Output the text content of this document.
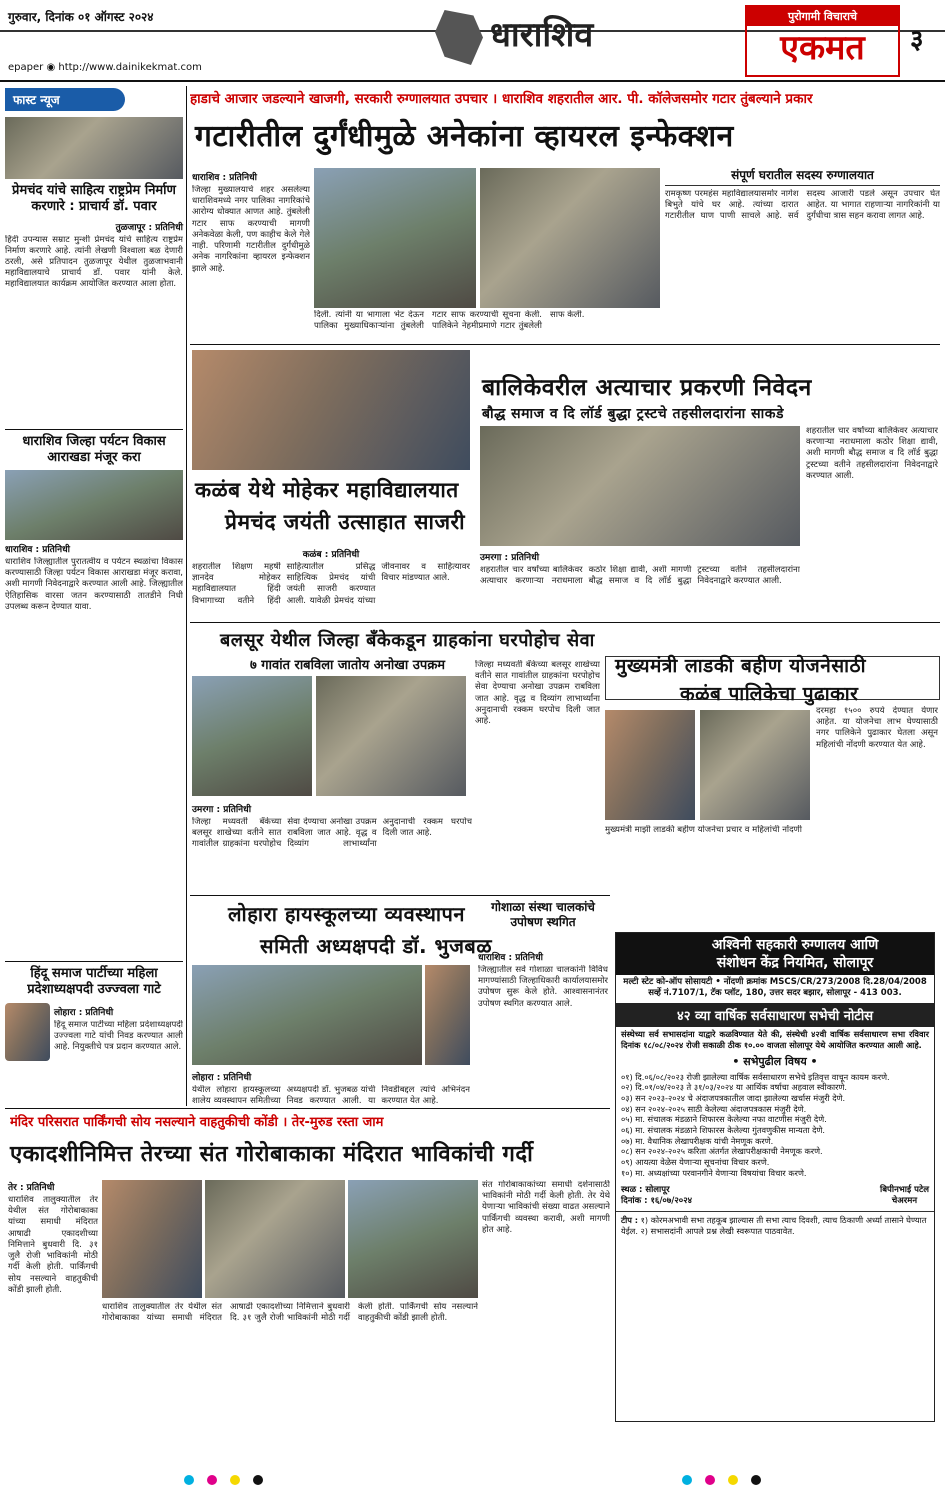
गुरुवार, दिनांक ०१ ऑगस्ट २०२४
epaper ◉ http://www.dainikekmat.com
धाराशिव	पुरोगामी विचाराचे
एकमत	३
फास्ट न्यूज
प्रेमचंद यांचे साहित्य राष्ट्रप्रेम निर्माण करणारे : प्राचार्य डॉ. पवार
तुळजापूर : प्रतिनिधी
हिंदी उपन्यास सम्राट मुन्शी प्रेमचंद यांचे साहित्य राष्ट्रप्रेम निर्माण करणारे आहे. त्यांनी लेखणी विश्वाला बळ देणारी ठरली, असे प्रतिपादन तुळजापूर येथील तुळजाभवानी महाविद्यालयाचे प्राचार्य डॉ. पवार यांनी केले. महाविद्यालयात कार्यक्रम आयोजित करण्यात आला होता.
धाराशिव जिल्हा पर्यटन विकास आराखडा मंजूर करा
धाराशिव : प्रतिनिधी
धाराशिव जिल्ह्यातील पुरातत्वीय व पर्यटन स्थळांचा विकास करण्यासाठी जिल्हा पर्यटन विकास आराखडा मंजूर करावा, अशी मागणी निवेदनाद्वारे करण्यात आली आहे. जिल्ह्यातील ऐतिहासिक वारसा जतन करण्यासाठी तातडीने निधी उपलब्ध करून देण्यात यावा.
हिंदू समाज पार्टीच्या महिला प्रदेशाध्यक्षपदी उज्ज्वला गाटे
लोहारा : प्रतिनिधी
हिंदू समाज पार्टीच्या महिला प्रदेशाध्यक्षपदी उज्ज्वला गाटे यांची निवड करण्यात आली आहे. नियुक्तीचे पत्र प्रदान करण्यात आले.
हाडाचे आजार जडल्याने खाजगी, सरकारी रुग्णालयात उपचार । धाराशिव शहरातील आर. पी. कॉलेजसमोर गटार तुंबल्याने प्रकार
गटारीतील दुर्गंधीमुळे अनेकांना व्हायरल इन्फेक्शन
धाराशिव : प्रतिनिधी
जिल्हा मुख्यालयाचे शहर असलेल्या धाराशिवमध्ये नगर पालिका नागरिकांचे आरोग्य धोक्यात आणत आहे. तुंबलेली गटार साफ करण्याची मागणी अनेकवेळा केली, पण काहीच केले गेले नाही. परिणामी गटारीतील दुर्गंधीमुळे अनेक नागरिकांना व्हायरल इन्फेक्शन झाले आहे.
दिली. त्यांनी या भागाला भेट देऊन पालिका मुख्याधिकाऱ्यांना तुंबलेली गटार साफ करण्याची सूचना केली. पालिकेने नेहमीप्रमाणे गटार तुंबलेली साफ केली.
संपूर्ण घरातील सदस्य रुग्णालयात
रामकृष्ण परमहंस महाविद्यालयासमोर नागेश बिभुते यांचे घर आहे. त्यांच्या दारात गटारीतील घाण पाणी साचले आहे. सर्व सदस्य आजारी पडले असून उपचार घेत आहेत. या भागात राहणाऱ्या नागरिकांनी या दुर्गंधीचा त्रास सहन करावा लागत आहे.
कळंब येथे मोहेकर महाविद्यालयात
प्रेमचंद जयंती उत्साहात साजरी
कळंब : प्रतिनिधी
शहरातील शिक्षण महर्षी ज्ञानदेव मोहेकर महाविद्यालयात हिंदी विभागाच्या वतीने हिंदी साहित्यातील प्रसिद्ध साहित्यिक प्रेमचंद यांची जयंती साजरी करण्यात आली. यावेळी प्रेमचंद यांच्या जीवनावर व साहित्यावर विचार मांडण्यात आले.
बालिकेवरील अत्याचार प्रकरणी निवेदन
बौद्ध समाज व दि लॉर्ड बुद्धा ट्रस्टचे तहसीलदारांना साकडे
उमरगा : प्रतिनिधी
शहरातील चार वर्षांच्या बालिकेवर अत्याचार करणाऱ्या नराधमाला कठोर शिक्षा द्यावी, अशी मागणी बौद्ध समाज व दि लॉर्ड बुद्धा ट्रस्टच्या वतीने तहसीलदारांना निवेदनाद्वारे करण्यात आली.
शहरातील चार वर्षांच्या बालिकेवर अत्याचार करणाऱ्या नराधमाला कठोर शिक्षा द्यावी, अशी मागणी बौद्ध समाज व दि लॉर्ड बुद्धा ट्रस्टच्या वतीने तहसीलदारांना निवेदनाद्वारे करण्यात आली.
बलसूर येथील जिल्हा बँकेकडून ग्राहकांना घरपोहोच सेवा
७ गावांत राबविला जातोय अनोखा उपक्रम
उमरगा : प्रतिनिधी
जिल्हा मध्यवर्ती बँकेच्या बलसूर शाखेच्या वतीने सात गावांतील ग्राहकांना घरपोहोच सेवा देण्याचा अनोखा उपक्रम राबविला जात आहे. वृद्ध व दिव्यांग लाभार्थ्यांना अनुदानाची रक्कम घरपोच दिली जात आहे.
जिल्हा मध्यवर्ती बँकेच्या बलसूर शाखेच्या वतीने सात गावांतील ग्राहकांना घरपोहोच सेवा देण्याचा अनोखा उपक्रम राबविला जात आहे. वृद्ध व दिव्यांग लाभार्थ्यांना अनुदानाची रक्कम घरपोच दिली जात आहे.
मुख्यमंत्री लाडकी बहीण योजनेसाठी
कळंब पालिकेचा पुढाकार
मुख्यमंत्री माझी लाडकी बहीण योजनेचा प्रचार व महिलांची नोंदणी
दरमहा १५०० रुपये देण्यात येणार आहेत. या योजनेचा लाभ घेण्यासाठी नगर पालिकेने पुढाकार घेतला असून महिलांची नोंदणी करण्यात येत आहे.
लोहारा हायस्कूलच्या व्यवस्थापन
समिती अध्यक्षपदी डॉ. भुजबळ
लोहारा : प्रतिनिधी
येथील लोहारा हायस्कूलच्या शालेय व्यवस्थापन समितीच्या अध्यक्षपदी डॉ. भुजबळ यांची निवड करण्यात आली. या निवडीबद्दल त्यांचे अभिनंदन करण्यात येत आहे.
गोशाळा संस्था चालकांचे उपोषण स्थगित
धाराशिव : प्रतिनिधी
जिल्ह्यातील सर्व गोशाळा चालकांनी विविध मागण्यांसाठी जिल्हाधिकारी कार्यालयासमोर उपोषण सुरू केले होते. आश्वासनानंतर उपोषण स्थगित करण्यात आले.
अश्विनी सहकारी रुग्णालय आणि
संशोधन केंद्र नियमित, सोलापूर
मल्टी स्टेट को-ऑप सोसायटी • नोंदणी क्रमांक MSCS/CR/273/2008 दि.28/04/2008
सर्व्हे नं.7107/1, टॅक प्लॉट, 180, उत्तर सदर बझार, सोलापूर - 413 003.
४२ व्या वार्षिक सर्वसाधारण सभेची नोटीस
संस्थेच्या सर्व सभासदांना याद्वारे कळविण्यात येते की, संस्थेची ४२वी वार्षिक सर्वसाधारण सभा रविवार दिनांक १८/०८/२०२४ रोजी सकाळी ठीक १०.०० वाजता सोलापूर येथे आयोजित करण्यात आली आहे.
• सभेपुढील विषय •
०१) दि.०६/०८/२०२३ रोजी झालेल्या वार्षिक सर्वसाधारण सभेचे इतिवृत्त वाचून कायम करणे.
०२) दि.०१/०४/२०२३ ते ३१/०३/२०२४ या आर्थिक वर्षाचा अहवाल स्वीकारणे.
०३) सन २०२३-२०२४ चे अंदाजपत्रकातील जादा झालेल्या खर्चास मंजुरी देणे.
०४) सन २०२४-२०२५ साठी केलेल्या अंदाजपत्रकास मंजुरी देणे.
०५) मा. संचालक मंडळाने शिफारस केलेल्या नफा वाटणीस मंजुरी देणे.
०६) मा. संचालक मंडळाने शिफारस केलेल्या गुंतवणुकीस मान्यता देणे.
०७) मा. वैधानिक लेखापरीक्षक यांची नेमणूक करणे.
०८) सन २०२४-२०२५ करिता अंतर्गत लेखापरीक्षकाची नेमणूक करणे.
०९) आयत्या वेळेस येणाऱ्या सूचनांचा विचार करणे.
१०) मा. अध्यक्षांच्या परवानगीने येणाऱ्या विषयांचा विचार करणे.
स्थळ : सोलापूर
दिनांक : १६/०७/२०२४
बिपीनभाई पटेल
चेअरमन
टीप : १) कोरमअभावी सभा तहकूब झाल्यास ती सभा त्याच दिवशी, त्याच ठिकाणी अर्ध्या तासाने घेण्यात येईल. २) सभासदांनी आपले प्रश्न लेखी स्वरूपात पाठवावेत.
मंदिर परिसरात पार्किंगची सोय नसल्याने वाहतुकीची कोंडी । तेर-मुरुड रस्ता जाम
एकादशीनिमित्त तेरच्या संत गोरोबाकाका मंदिरात भाविकांची गर्दी
तेर : प्रतिनिधी
धाराशिव तालुक्यातील तेर येथील संत गोरोबाकाका यांच्या समाधी मंदिरात आषाढी एकादशीच्या निमित्ताने बुधवारी दि. ३१ जुलै रोजी भाविकांनी मोठी गर्दी केली होती. पार्किंगची सोय नसल्याने वाहतुकीची कोंडी झाली होती.
धाराशिव तालुक्यातील तेर येथील संत गोरोबाकाका यांच्या समाधी मंदिरात आषाढी एकादशीच्या निमित्ताने बुधवारी दि. ३१ जुलै रोजी भाविकांनी मोठी गर्दी केली होती. पार्किंगची सोय नसल्याने वाहतुकीची कोंडी झाली होती.
संत गोरोबाकाकांच्या समाधी दर्शनासाठी भाविकांनी मोठी गर्दी केली होती. तेर येथे येणाऱ्या भाविकांची संख्या वाढत असल्याने पार्किंगची व्यवस्था करावी, अशी मागणी होत आहे.
